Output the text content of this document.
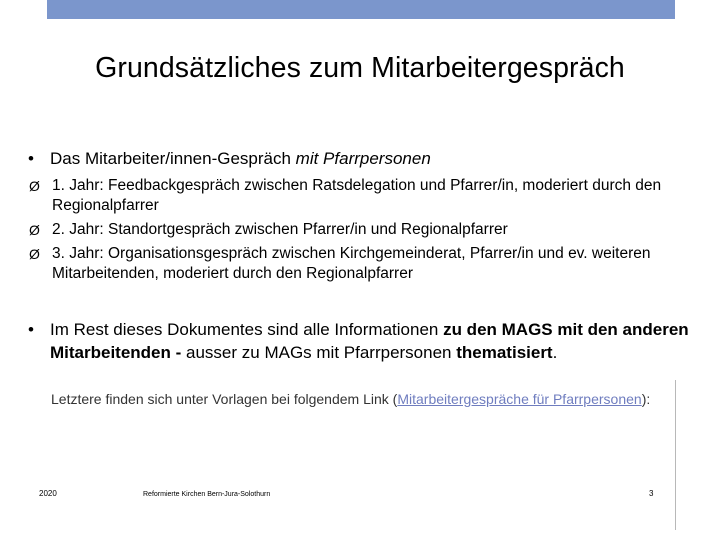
Grundsätzliches zum Mitarbeitergespräch
• Das Mitarbeiter/innen-Gespräch mit Pfarrpersonen
Ø 1. Jahr: Feedbackgespräch zwischen Ratsdelegation und Pfarrer/in, moderiert durch den Regionalpfarrer
Ø 2. Jahr: Standortgespräch zwischen Pfarrer/in und Regionalpfarrer
Ø 3. Jahr: Organisationsgespräch zwischen Kirchgemeinderat, Pfarrer/in und ev. weiteren Mitarbeitenden, moderiert durch den Regionalpfarrer
• Im Rest dieses Dokumentes sind alle Informationen zu den MAGS mit den anderen Mitarbeitenden - ausser zu MAGs mit Pfarrpersonen thematisiert.
Letztere finden sich unter Vorlagen bei folgendem Link (Mitarbeitergespräche für Pfarrpersonen):
2020	Reformierte Kirchen Bern-Jura-Solothurn	3
